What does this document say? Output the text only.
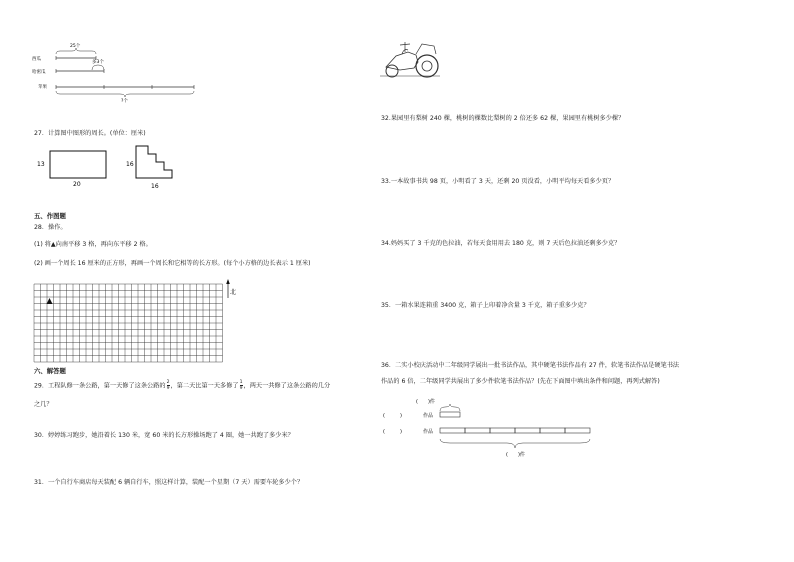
西瓜
25个
哈密瓜
多3个
苹果
?个
27．计算图中图形的周长。(单位：厘米)
13
20
16
16
五、作图题
28．操作。
(1) 将▲向南平移 3 格，再向东平移 2 格。
(2) 画一个周长 16 厘米的正方形，再画一个周长和它相等的长方形。(每个小方格的边长表示 1 厘米)
北
六、解答题
29．工程队修一条公路，第一天修了这条公路的 $\frac{2}{9}$ ，第二天比第一天多修了 $\frac{1}{9}$ ，两天一共修了这条公路的几分
之几？
30．婷婷练习跑步，她沿着长 130 米，宽 60 米的长方形操场跑了 4 圈，她一共跑了多少米？
31．一个自行车商店每天装配 6 辆自行车，照这样计算，装配一个星期（7 天）需要车轮多少个？
32.果园里有梨树 240 棵，桃树的棵数比梨树的 2 倍还多 62 棵，果园里有桃树多少棵？
33.一本故事书共 98 页，小明看了 3 天，还剩 20 页没看，小明平均每天看多少页？
34.妈妈买了 3 千克的色拉油，若每天食用用去 180 克，则 7 天后色拉油还剩多少克？
35．一箱水果连箱重 3400 克，箱子上印着净含量 3 千克，箱子重多少克？
36．二实小校庆活动中二年级同学展出一批书法作品，其中硬笔书法作品有 27 件，软笔书法作品是硬笔书法
作品的 6 倍，二年级同学共展出了多少件软笔书法作品？(先在下面图中填出条件和问题，再列式解答)
(　　)件
(　　　)	作品
(　　　)	作品
(　　)件
